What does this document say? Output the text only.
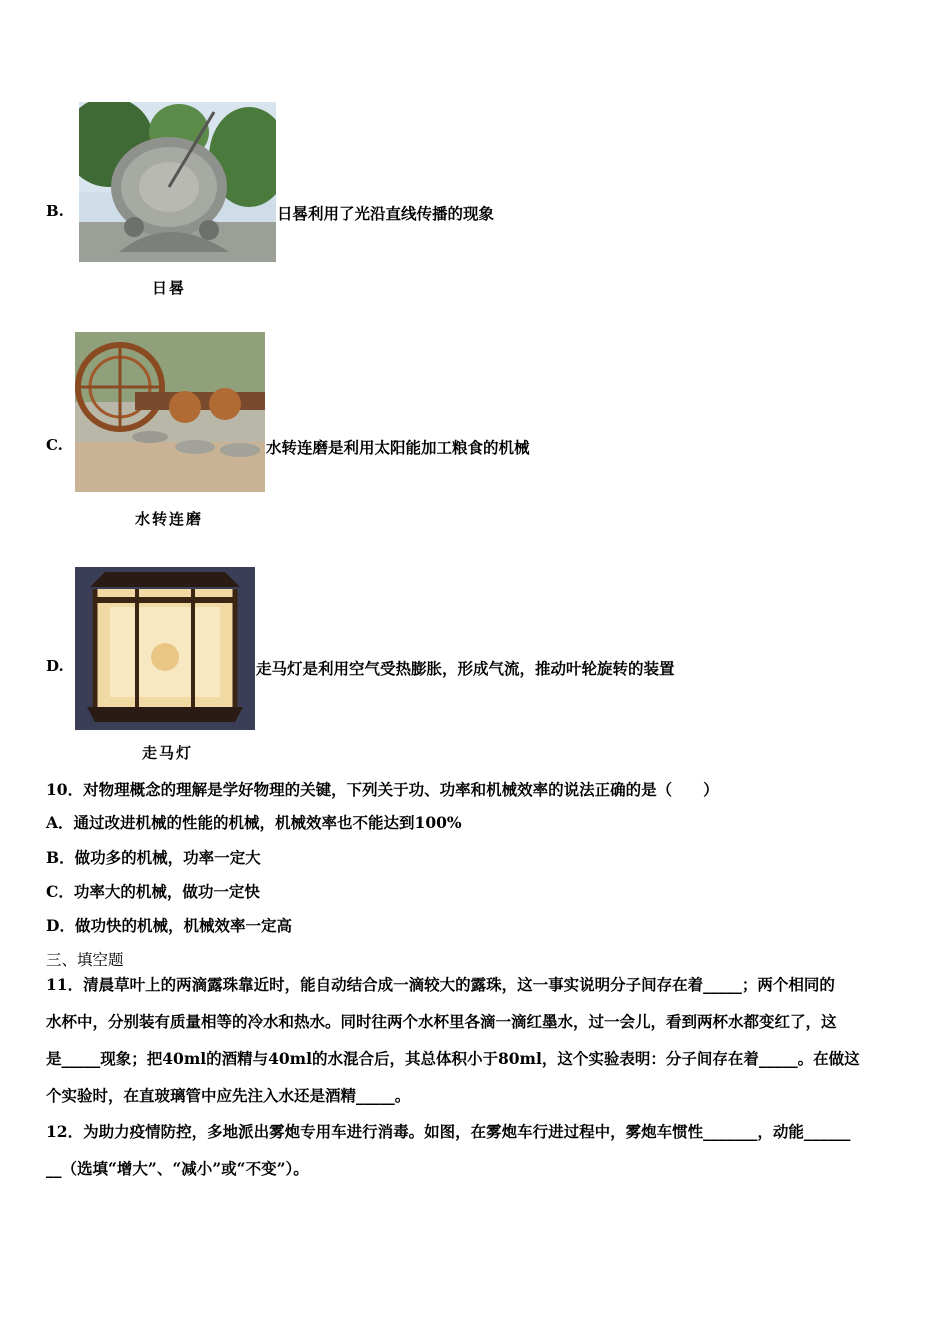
B.	日晷利用了光沿直线传播的现象
日晷
C.	水转连磨是利用太阳能加工粮食的机械
水转连磨
D.	走马灯是利用空气受热膨胀，形成气流，推动叶轮旋转的装置
走马灯
10．对物理概念的理解是学好物理的关键，下列关于功、功率和机械效率的说法正确的是（　　）
A．通过改进机械的性能的机械，机械效率也不能达到100%
B．做功多的机械，功率一定大
C．功率大的机械，做功一定快
D．做功快的机械，机械效率一定高
三、填空题
11．清晨草叶上的两滴露珠靠近时，能自动结合成一滴较大的露珠，这一事实说明分子间存在着_____；两个相同的
水杯中，分别装有质量相等的冷水和热水。同时往两个水杯里各滴一滴红墨水，过一会儿，看到两杯水都变红了，这
是_____现象；把40ml的酒精与40ml的水混合后，其总体积小于80ml，这个实验表明：分子间存在着_____。在做这
个实验时，在直玻璃管中应先注入水还是酒精_____。
12．为助力疫情防控，多地派出雾炮专用车进行消毒。如图，在雾炮车行进过程中，雾炮车惯性_______，动能______
__（选填“增大”、“减小”或“不变”）。
